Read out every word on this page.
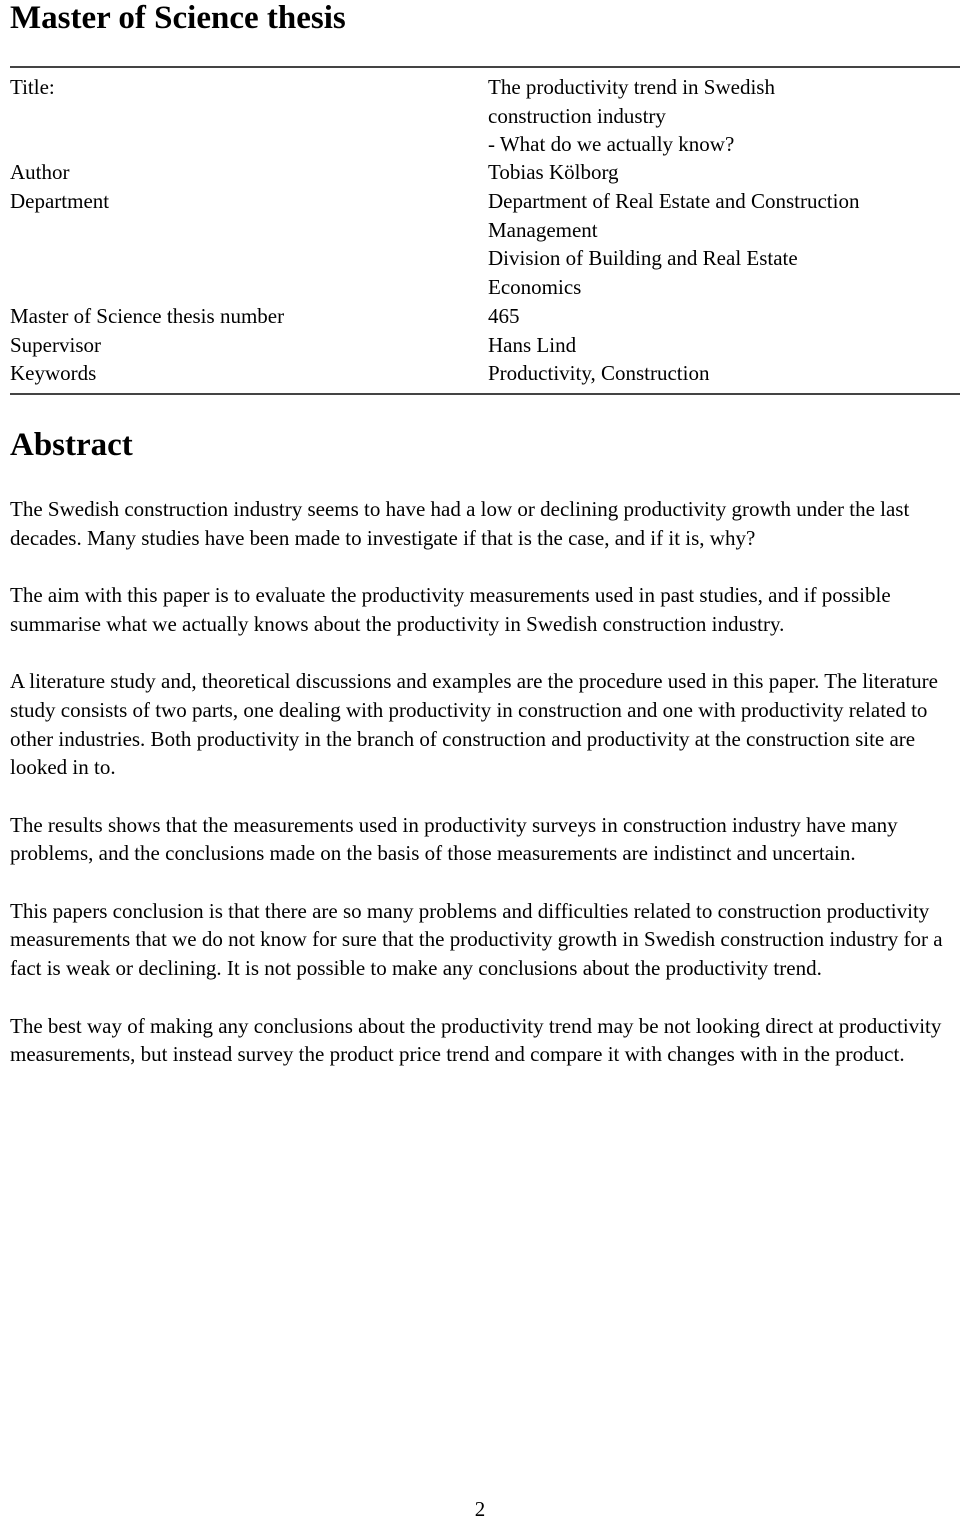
Master of Science thesis
Title:	The productivity trend in Swedish construction industry
- What do we actually know?
Author	Tobias Kölborg
Department	Department of Real Estate and Construction Management
Division of Building and Real Estate Economics
Master of Science thesis number	465
Supervisor	Hans Lind
Keywords	Productivity, Construction
Abstract

The Swedish construction industry seems to have had a low or declining productivity growth under the last decades. Many studies have been made to investigate if that is the case, and if it is, why?

The aim with this paper is to evaluate the productivity measurements used in past studies, and if possible summarise what we actually knows about the productivity in Swedish construction industry.

A literature study and, theoretical discussions and examples are the procedure used in this paper. The literature study consists of two parts, one dealing with productivity in construction and one with productivity related to other industries. Both productivity in the branch of construction and productivity at the construction site are looked in to.

The results shows that the measurements used in productivity surveys in construction industry have many problems, and the conclusions made on the basis of those measurements are indistinct and uncertain.

This papers conclusion is that there are so many problems and difficulties related to construction productivity measurements that we do not know for sure that the productivity growth in Swedish construction industry for a fact is weak or declining. It is not possible to make any conclusions about the productivity trend.

The best way of making any conclusions about the productivity trend may be not looking direct at productivity measurements, but instead survey the product price trend and compare it with changes with in the product.

2
